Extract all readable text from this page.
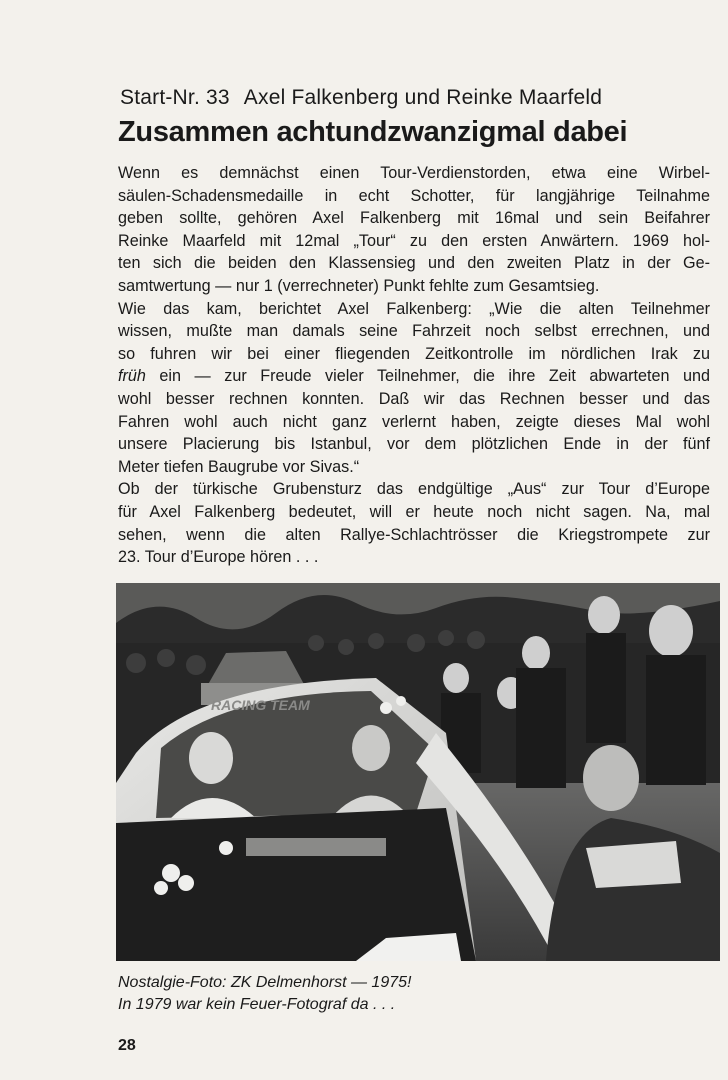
Start-Nr. 33 Axel Falkenberg und Reinke Maarfeld
Zusammen achtundzwanzigmal dabei
Wenn es demnächst einen Tour-Verdienstorden, etwa eine Wirbel-
säulen-Schadensmedaille in echt Schotter, für langjährige Teilnahme
geben sollte, gehören Axel Falkenberg mit 16mal und sein Beifahrer
Reinke Maarfeld mit 12mal „Tour“ zu den ersten Anwärtern. 1969 hol-
ten sich die beiden den Klassensieg und den zweiten Platz in der Ge-
samtwertung — nur 1 (verrechneter) Punkt fehlte zum Gesamtsieg.
Wie das kam, berichtet Axel Falkenberg: „Wie die alten Teilnehmer
wissen, mußte man damals seine Fahrzeit noch selbst errechnen, und
so fuhren wir bei einer fliegenden Zeitkontrolle im nördlichen Irak zu
früh ein — zur Freude vieler Teilnehmer, die ihre Zeit abwarteten und
wohl besser rechnen konnten. Daß wir das Rechnen besser und das
Fahren wohl auch nicht ganz verlernt haben, zeigte dieses Mal wohl
unsere Placierung bis Istanbul, vor dem plötzlichen Ende in der fünf
Meter tiefen Baugrube vor Sivas.“
Ob der türkische Grubensturz das endgültige „Aus“ zur Tour d’Europe
für Axel Falkenberg bedeutet, will er heute noch nicht sagen. Na, mal
sehen, wenn die alten Rallye-Schlachtrösser die Kriegstrompete zur
23. Tour d’Europe hören . . .
RACING TEAM
Nostalgie-Foto: ZK Delmenhorst — 1975!
In 1979 war kein Feuer-Fotograf da . . .
28
